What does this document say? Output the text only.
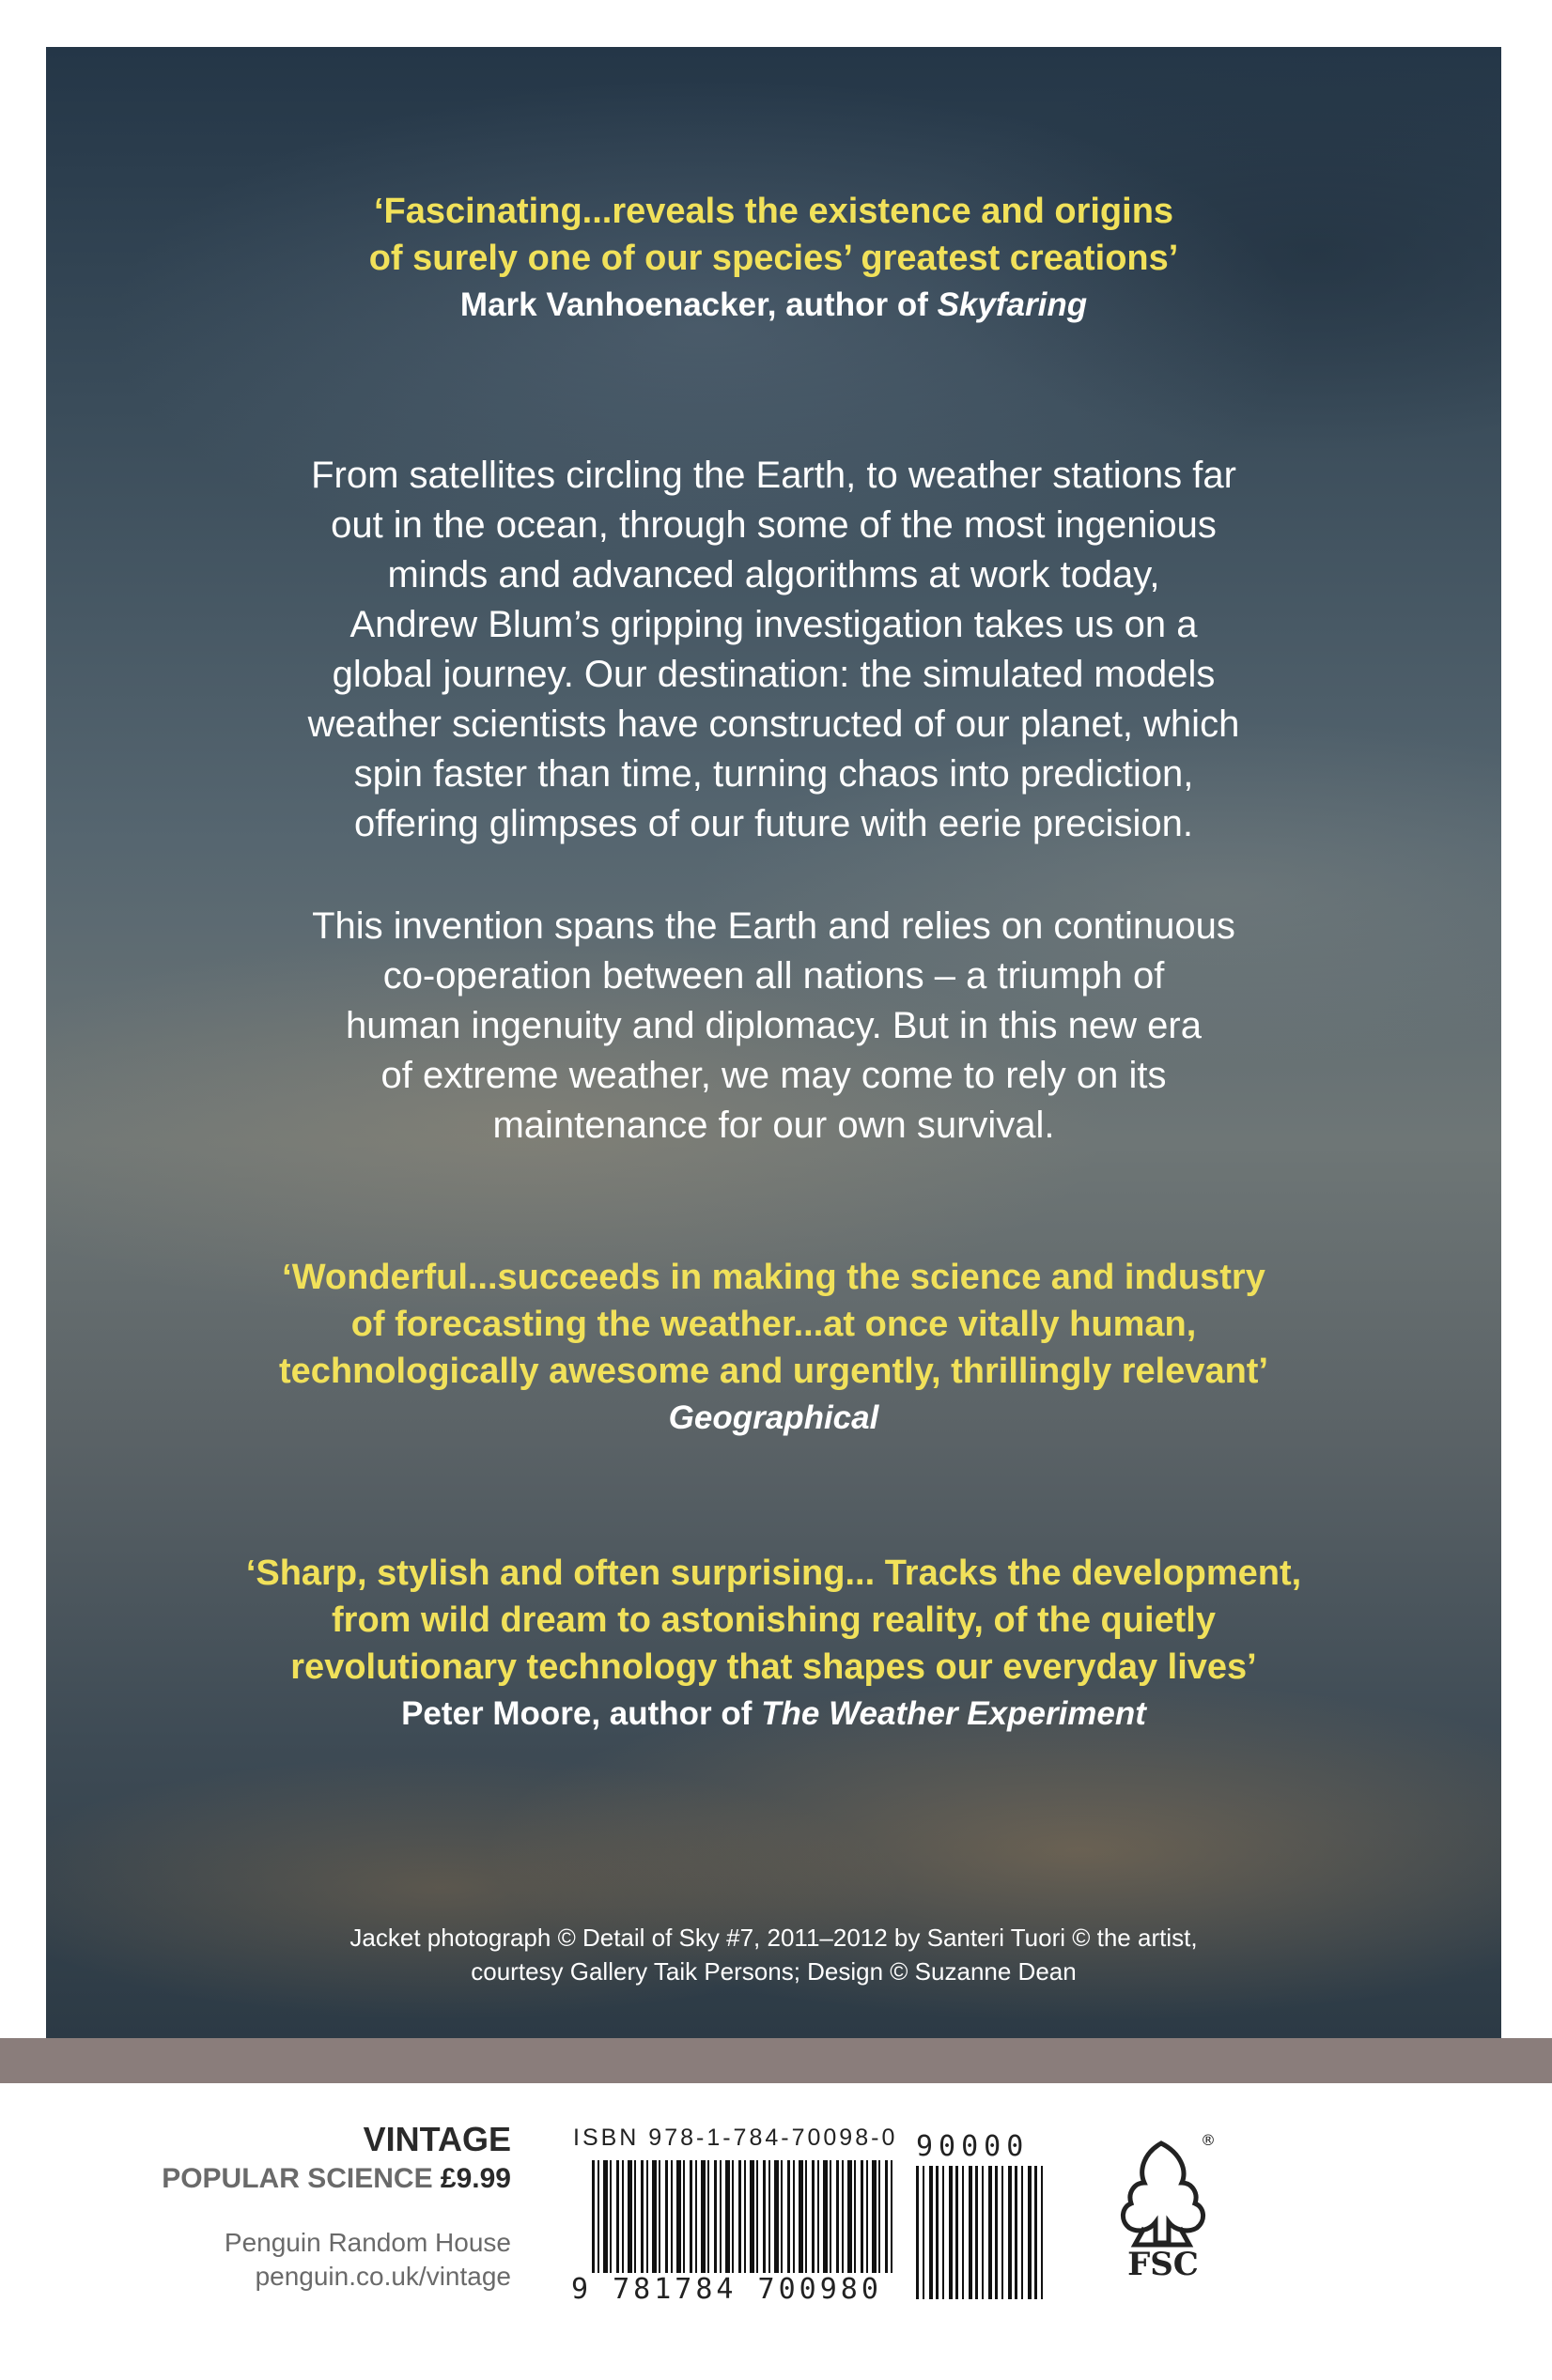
‘Fascinating...reveals the existence and origins
of surely one of our species’ greatest creations’

Mark Vanhoenacker, author of Skyfaring

From satellites circling the Earth, to weather stations far
out in the ocean, through some of the most ingenious
minds and advanced algorithms at work today,
Andrew Blum’s gripping investigation takes us on a
global journey. Our destination: the simulated models
weather scientists have constructed of our planet, which
spin faster than time, turning chaos into prediction,
offering glimpses of our future with eerie precision.

This invention spans the Earth and relies on continuous
co-operation between all nations – a triumph of
human ingenuity and diplomacy. But in this new era
of extreme weather, we may come to rely on its
maintenance for our own survival.

‘Wonderful...succeeds in making the science and industry
of forecasting the weather...at once vitally human,
technologically awesome and urgently, thrillingly relevant’

Geographical

‘Sharp, stylish and often surprising... Tracks the development,
from wild dream to astonishing reality, of the quietly
revolutionary technology that shapes our everyday lives’

Peter Moore, author of The Weather Experiment

Jacket photograph © Detail of Sky #7, 2011–2012 by Santeri Tuori © the artist,
courtesy Gallery Taik Persons; Design © Suzanne Dean

VINTAGE

POPULAR SCIENCE £9.99

Penguin Random House

penguin.co.uk/vintage

ISBN 978-1-784-70098-0

9 781784 700980

90000

FSC
®
